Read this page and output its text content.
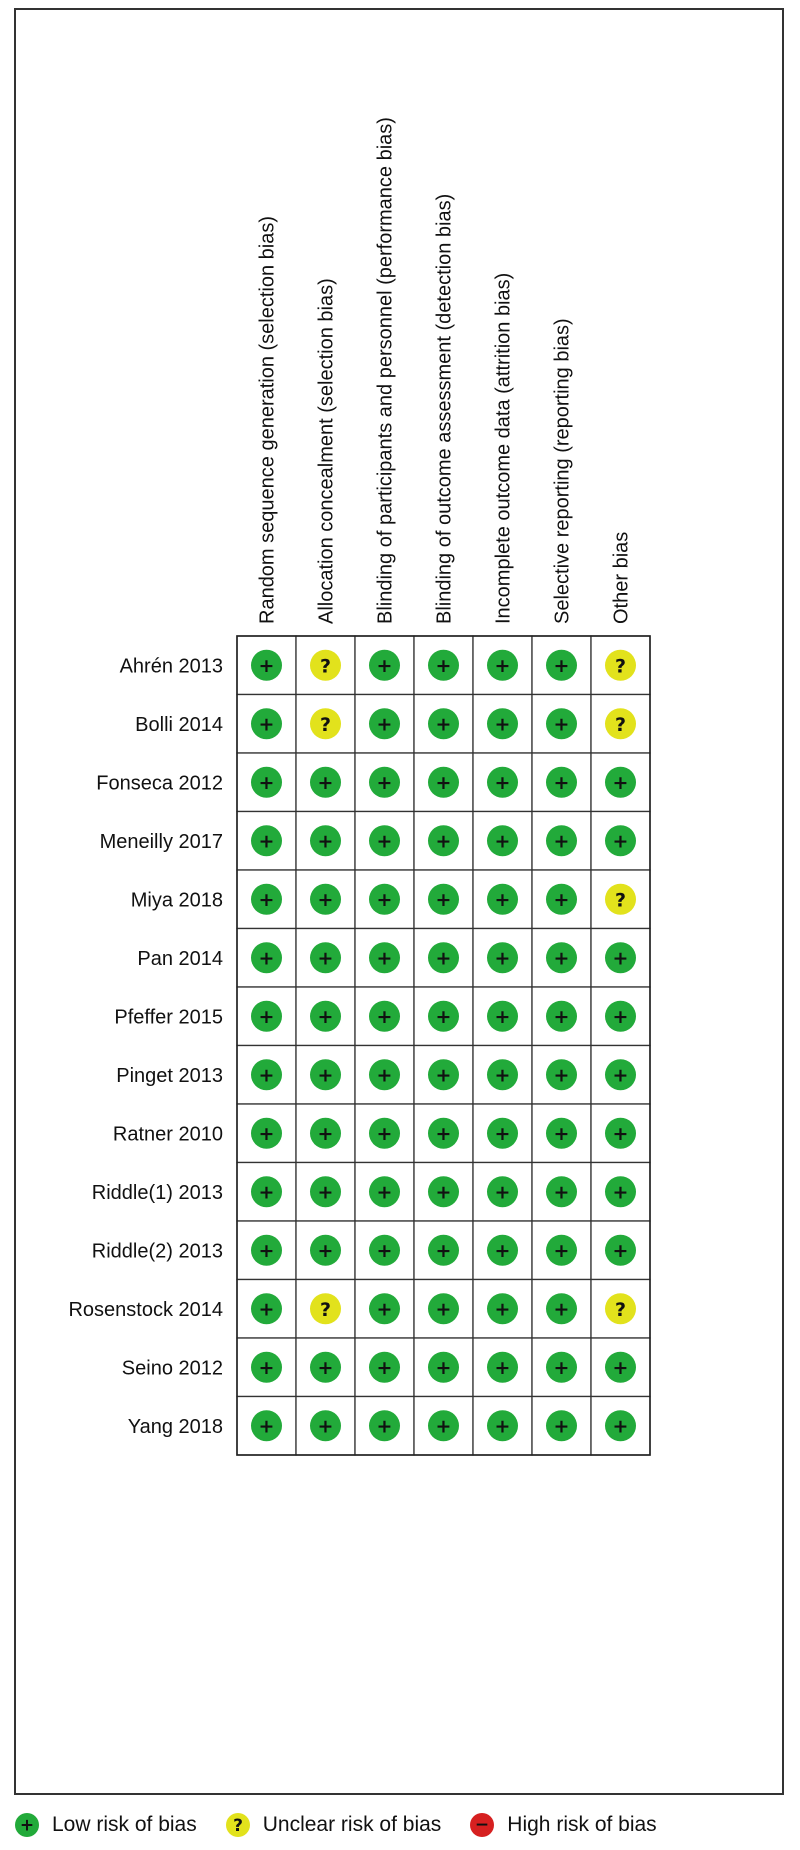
Random sequence generation (selection bias) Allocation concealment (selection bias) Blinding of participants and personnel (performance bias) Blinding of outcome assessment (detection bias) Incomplete outcome data (attrition bias) Selective reporting (reporting bias) Other bias
Ahrén 2013 + ? + + + + ?
Bolli 2014 + ? + + + + ?
Fonseca 2012 + + + + + + +
Meneilly 2017 + + + + + + +
Miya 2018 + + + + + + ?
Pan 2014 + + + + + + +
Pfeffer 2015 + + + + + + +
Pinget 2013 + + + + + + +
Ratner 2010 + + + + + + +
Riddle(1) 2013 + + + + + + +
Riddle(2) 2013 + + + + + + +
Rosenstock 2014 + ? + + + + ?
Seino 2012 + + + + + + +
Yang 2018 + + + + + + +
+ Low risk of bias ? Unclear risk of bias − High risk of bias
